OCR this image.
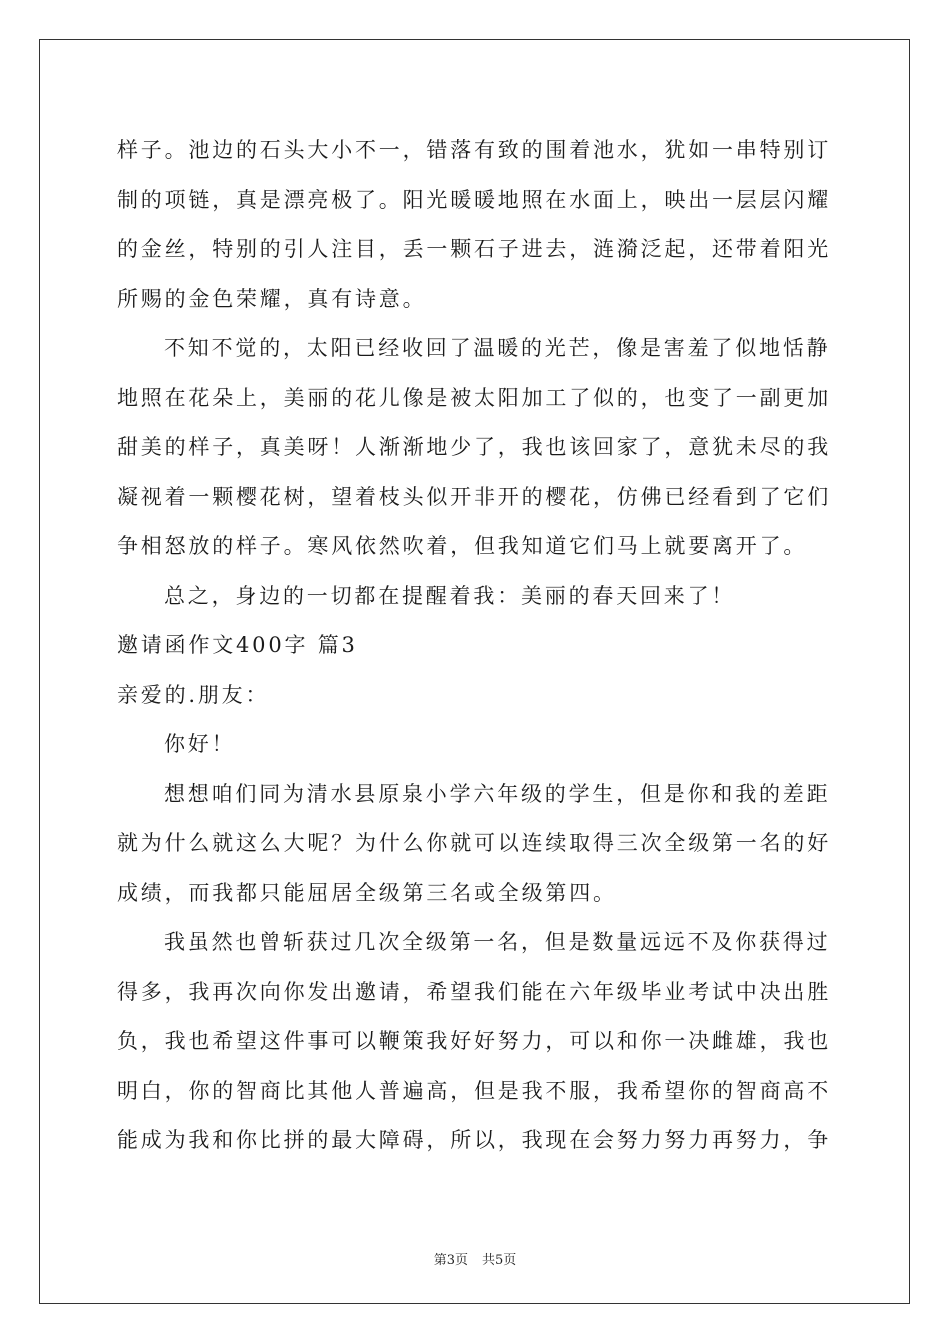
样子。池边的石头大小不一，错落有致的围着池水，犹如一串特别订
制的项链，真是漂亮极了。阳光暖暖地照在水面上，映出一层层闪耀
的金丝，特别的引人注目，丢一颗石子进去，涟漪泛起，还带着阳光
所赐的金色荣耀，真有诗意。
不知不觉的，太阳已经收回了温暖的光芒，像是害羞了似地恬静
地照在花朵上，美丽的花儿像是被太阳加工了似的，也变了一副更加
甜美的样子，真美呀！人渐渐地少了，我也该回家了，意犹未尽的我
凝视着一颗樱花树，望着枝头似开非开的樱花，仿佛已经看到了它们
争相怒放的样子。寒风依然吹着，但我知道它们马上就要离开了。
总之，身边的一切都在提醒着我：美丽的春天回来了！
邀请函作文400字 篇3
亲爱的.朋友：
你好！
想想咱们同为清水县原泉小学六年级的学生，但是你和我的差距
就为什么就这么大呢？为什么你就可以连续取得三次全级第一名的好
成绩，而我都只能屈居全级第三名或全级第四。
我虽然也曾斩获过几次全级第一名，但是数量远远不及你获得过
得多，我再次向你发出邀请，希望我们能在六年级毕业考试中决出胜
负，我也希望这件事可以鞭策我好好努力，可以和你一决雌雄，我也
明白，你的智商比其他人普遍高，但是我不服，我希望你的智商高不
能成为我和你比拼的最大障碍，所以，我现在会努力努力再努力，争
第3页 共5页
